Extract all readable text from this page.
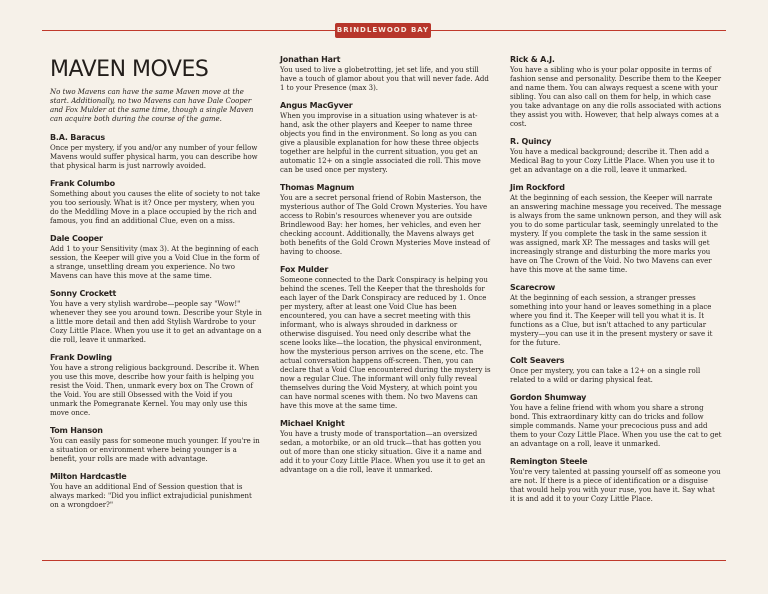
BRINDLEWOOD BAY
MAVEN MOVES

No two Mavens can have the same Maven move at the start. Additionally, no two Mavens can have Dale Cooper and Fox Mulder at the same time, though a single Maven can acquire both during the course of the game.

B.A. Baracus

Once per mystery, if you and/or any number of your fellow Mavens would suffer physical harm, you can describe how that physical harm is just narrowly avoided.

Frank Columbo

Something about you causes the elite of society to not take you too seriously. What is it? Once per mystery, when you do the Meddling Move in a place occupied by the rich and famous, you find an additional Clue, even on a miss.

Dale Cooper

Add 1 to your Sensitivity (max 3). At the beginning of each session, the Keeper will give you a Void Clue in the form of a strange, unsettling dream you experience. No two Mavens can have this move at the same time.

Sonny Crockett

You have a very stylish wardrobe—people say "Wow!" whenever they see you around town. Describe your Style in a little more detail and then add Stylish Wardrobe to your Cozy Little Place. When you use it to get an advantage on a die roll, leave it unmarked.

Frank Dowling

You have a strong religious background. Describe it. When you use this move, describe how your faith is helping you resist the Void. Then, unmark every box on The Crown of the Void. You are still Obsessed with the Void if you unmark the Pomegranate Kernel. You may only use this move once.

Tom Hanson

You can easily pass for someone much younger. If you're in a situation or environment where being younger is a benefit, your rolls are made with advantage.

Milton Hardcastle

You have an additional End of Session question that is always marked: "Did you inflict extrajudicial punishment on a wrongdoer?"

Jonathan Hart

You used to live a globetrotting, jet set life, and you still have a touch of glamor about you that will never fade. Add 1 to your Presence (max 3).

Angus MacGyver

When you improvise in a situation using whatever is at-hand, ask the other players and Keeper to name three objects you find in the environment. So long as you can give a plausible explanation for how these three objects together are helpful in the current situation, you get an automatic 12+ on a single associated die roll. This move can be used once per mystery.

Thomas Magnum

You are a secret personal friend of Robin Masterson, the mysterious author of The Gold Crown Mysteries. You have access to Robin's resources whenever you are outside Brindlewood Bay: her homes, her vehicles, and even her checking account. Additionally, the Mavens always get both benefits of the Gold Crown Mysteries Move instead of having to choose.

Fox Mulder

Someone connected to the Dark Conspiracy is helping you behind the scenes. Tell the Keeper that the thresholds for each layer of the Dark Conspiracy are reduced by 1. Once per mystery, after at least one Void Clue has been encountered, you can have a secret meeting with this informant, who is always shrouded in darkness or otherwise disguised. You need only describe what the scene looks like—the location, the physical environment, how the mysterious person arrives on the scene, etc. The actual conversation happens off-screen. Then, you can declare that a Void Clue encountered during the mystery is now a regular Clue. The informant will only fully reveal themselves during the Void Mystery, at which point you can have normal scenes with them. No two Mavens can have this move at the same time.

Michael Knight

You have a trusty mode of transportation—an oversized sedan, a motorbike, or an old truck—that has gotten you out of more than one sticky situation. Give it a name and add it to your Cozy Little Place. When you use it to get an advantage on a die roll, leave it unmarked.

Rick & A.J.

You have a sibling who is your polar opposite in terms of fashion sense and personality. Describe them to the Keeper and name them. You can always request a scene with your sibling. You can also call on them for help, in which case you take advantage on any die rolls associated with actions they assist you with. However, that help always comes at a cost.

R. Quincy

You have a medical background; describe it. Then add a Medical Bag to your Cozy Little Place. When you use it to get an advantage on a die roll, leave it unmarked.

Jim Rockford

At the beginning of each session, the Keeper will narrate an answering machine message you received. The message is always from the same unknown person, and they will ask you to do some particular task, seemingly unrelated to the mystery. If you complete the task in the same session it was assigned, mark XP. The messages and tasks will get increasingly strange and disturbing the more marks you have on The Crown of the Void. No two Mavens can ever have this move at the same time.

Scarecrow

At the beginning of each session, a stranger presses something into your hand or leaves something in a place where you find it. The Keeper will tell you what it is. It functions as a Clue, but isn't attached to any particular mystery—you can use it in the present mystery or save it for the future.

Colt Seavers

Once per mystery, you can take a 12+ on a single roll related to a wild or daring physical feat.

Gordon Shumway

You have a feline friend with whom you share a strong bond. This extraordinary kitty can do tricks and follow simple commands. Name your precocious puss and add them to your Cozy Little Place. When you use the cat to get an advantage on a roll, leave it unmarked.

Remington Steele

You're very talented at passing yourself off as someone you are not. If there is a piece of identification or a disguise that would help you with your ruse, you have it. Say what it is and add it to your Cozy Little Place.
